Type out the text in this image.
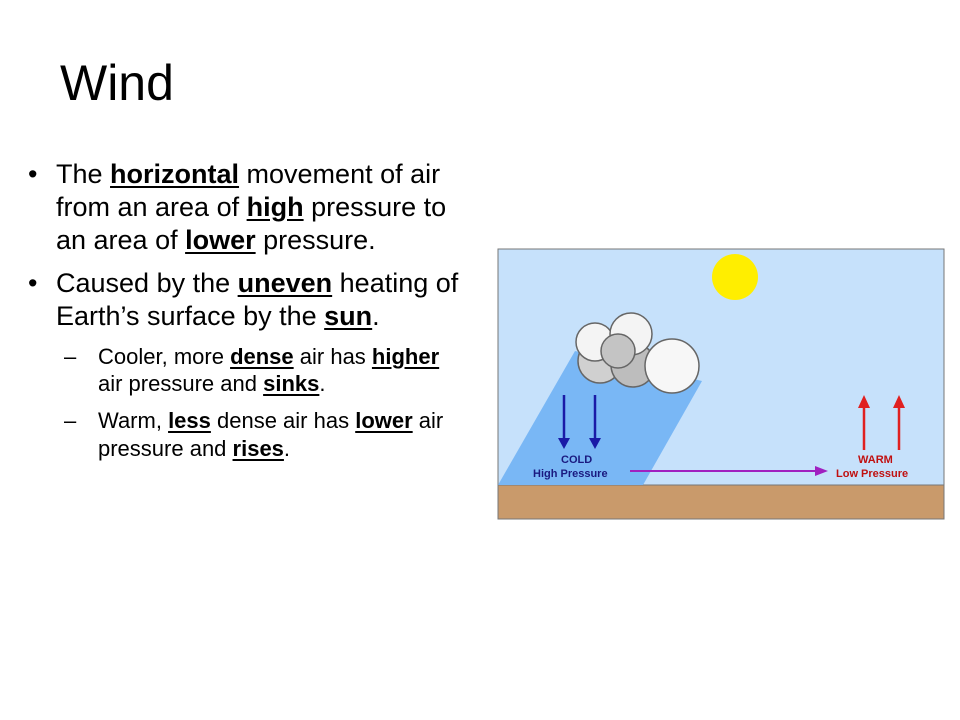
Wind
• The horizontal movement of air from an area of high pressure to an area of lower pressure.
• Caused by the uneven heating of Earth’s surface by the sun.
– Cooler, more dense air has higher air pressure and sinks.
– Warm, less dense air has lower air pressure and rises.	COLD
High Pressure
WARM
Low Pressure
